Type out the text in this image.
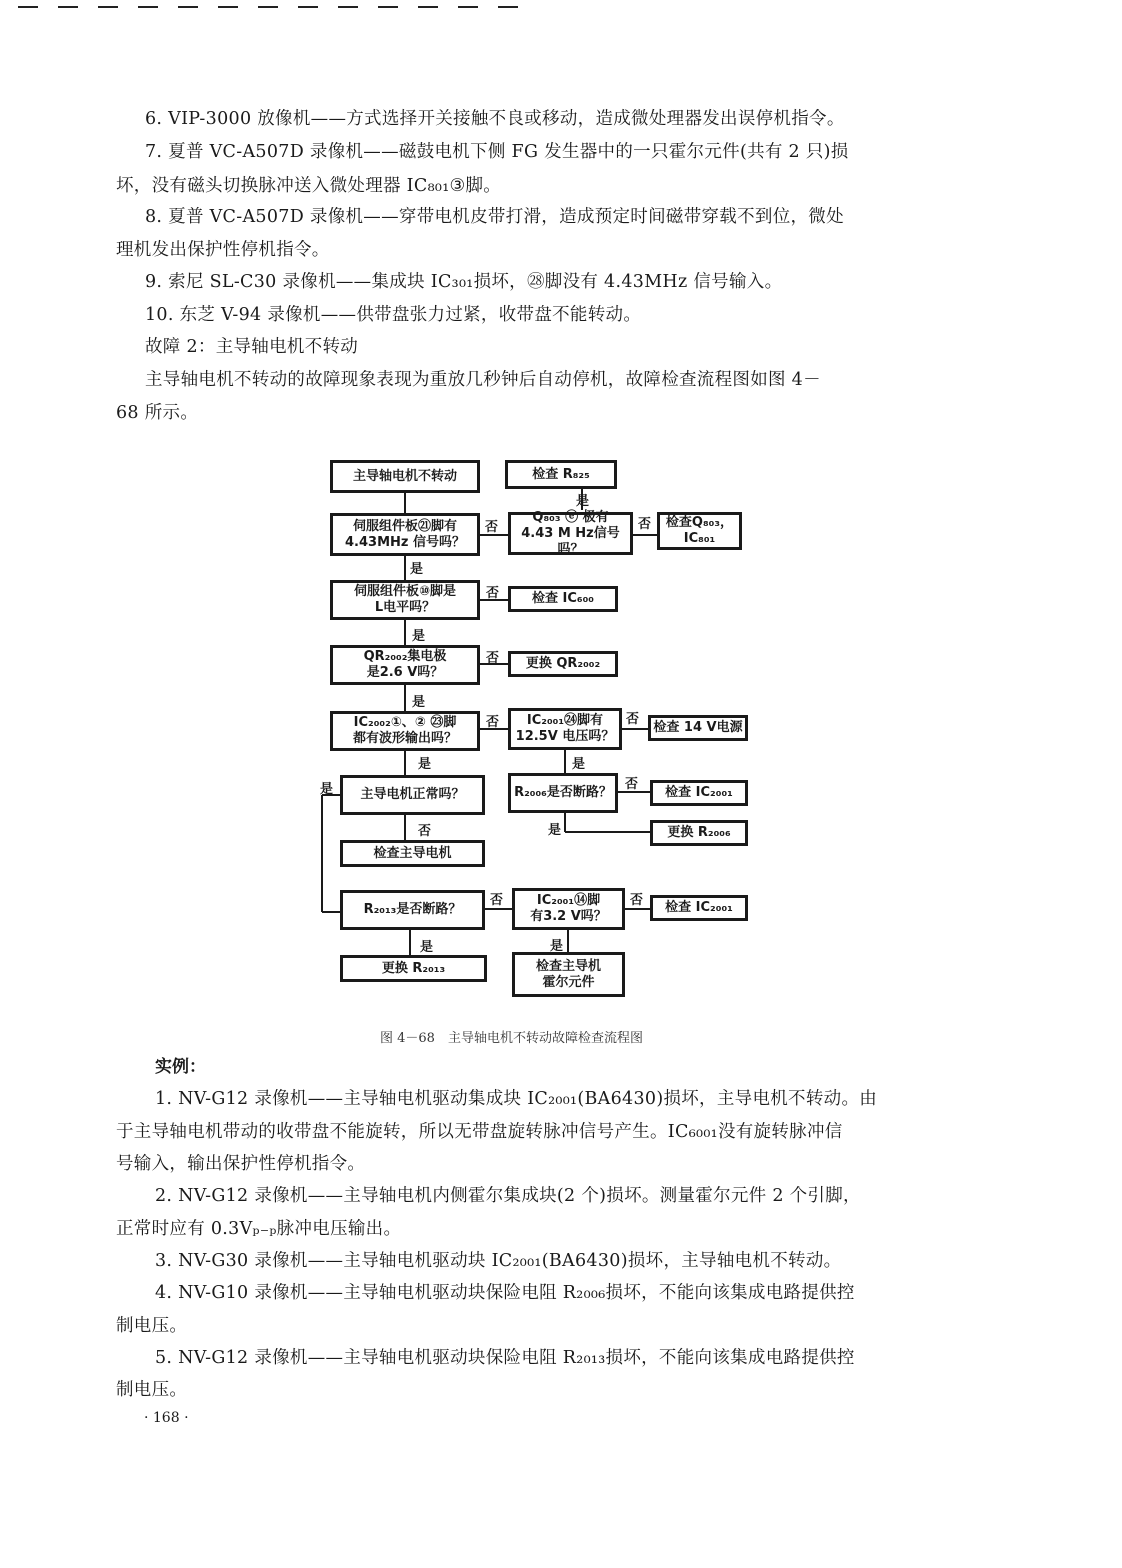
6. VIP-3000 放像机——方式选择开关接触不良或移动，造成微处理器发出误停机指令。
7. 夏普 VC-A507D 录像机——磁鼓电机下侧 FG 发生器中的一只霍尔元件(共有 2 只)损
坏，没有磁头切换脉冲送入微处理器 IC₈₀₁③脚。
8. 夏普 VC-A507D 录像机——穿带电机皮带打滑，造成预定时间磁带穿载不到位，微处
理机发出保护性停机指令。
9. 索尼 SL-C30 录像机——集成块 IC₃₀₁损坏，㉘脚没有 4.43MHz 信号输入。
10. 东芝 V-94 录像机——供带盘张力过紧，收带盘不能转动。
故障 2：主导轴电机不转动
主导轴电机不转动的故障现象表现为重放几秒钟后自动停机，故障检查流程图如图 4－
68 所示。
主导轴电机不转动	检查 R₈₂₅
伺服组件板㉑脚有
4.43MHz 信号吗？
Q₈₀₃ ⓔ 极有
4.43 M Hz信号吗？
检查Q₈₀₃，
IC₈₀₁
伺服组件板⑩脚是
L电平吗？
检查 IC₆₀₀
QR₂₀₀₂集电极
是2.6 V吗？
更换 QR₂₀₀₂
IC₂₀₀₂①、② ㉓脚
都有波形输出吗？
IC₂₀₀₁㉔脚有
12.5V 电压吗？
检查 14 V电源
主导电机正常吗？	R₂₀₀₆是否断路？	检查 IC₂₀₀₁
更换 R₂₀₀₆
检查主导电机
R₂₀₁₃是否断路？
IC₂₀₀₁⑭脚
有3.2 V吗？
检查 IC₂₀₀₁
更换 R₂₀₁₃	检查主导机
霍尔元件
是
否	否
是
否
是
否
是
否	否
是	是
是	否
是
否
否	否
是	是
图 4－68　主导轴电机不转动故障检查流程图
实例：
1. NV-G12 录像机——主导轴电机驱动集成块 IC₂₀₀₁(BA6430)损坏，主导电机不转动。由
于主导轴电机带动的收带盘不能旋转，所以无带盘旋转脉冲信号产生。IC₆₀₀₁没有旋转脉冲信
号输入，输出保护性停机指令。
2. NV-G12 录像机——主导轴电机内侧霍尔集成块(2 个)损坏。测量霍尔元件 2 个引脚，
正常时应有 0.3Vₚ₋ₚ脉冲电压输出。
3. NV-G30 录像机——主导轴电机驱动块 IC₂₀₀₁(BA6430)损坏，主导轴电机不转动。
4. NV-G10 录像机——主导轴电机驱动块保险电阻 R₂₀₀₆损坏，不能向该集成电路提供控
制电压。
5. NV-G12 录像机——主导轴电机驱动块保险电阻 R₂₀₁₃损坏，不能向该集成电路提供控
制电压。
· 168 ·
